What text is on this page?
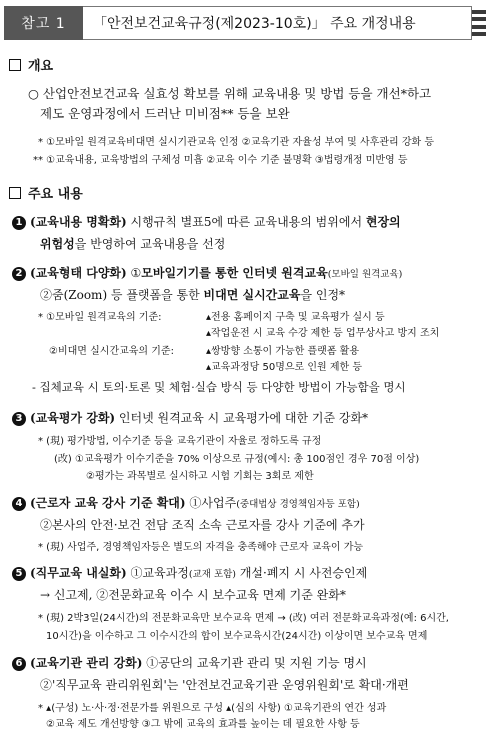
참고 1	「안전보건교육규정(제2023-10호)」 주요 개정내용
개요
○ 산업안전보건교육 실효성 확보를 위해 교육내용 및 방법 등을 개선*하고
제도 운영과정에서 드러난 미비점** 등을 보완
* ①모바일 원격교육비대면 실시기관교육 인정 ②교육기관 자율성 부여 및 사후관리 강화 등
** ①교육내용, 교육방법의 구체성 미흡 ②교육 이수 기준 불명확 ③법령개정 미반영 등
주요 내용
1 (교육내용 명확화) 시행규칙 별표5에 따른 교육내용의 범위에서 현장의
위험성을 반영하여 교육내용을 선정
2 (교육형태 다양화) ①모바일기기를 통한 인터넷 원격교육(모바일 원격교육)
②줌(Zoom) 등 플랫폼을 통한 비대면 실시간교육을 인정*
* ①모바일 원격교육의 기준:	▴전용 홈페이지 구축 및 교육평가 실시 등
▴작업운전 시 교육 수강 제한 등 업무상사고 방지 조치
②비대면 실시간교육의 기준:	▴쌍방향 소통이 가능한 플랫폼 활용
▴교육과정당 50명으로 인원 제한 등
- 집체교육 시 토의·토론 및 체험·실습 방식 등 다양한 방법이 가능함을 명시
3 (교육평가 강화) 인터넷 원격교육 시 교육평가에 대한 기준 강화*
* (現) 평가방법, 이수기준 등을 교육기관이 자율로 정하도록 규정
(改) ①교육평가 이수기준을 70% 이상으로 규정(예시: 총 100점인 경우 70점 이상)
②평가는 과목별로 실시하고 시험 기회는 3회로 제한
4 (근로자 교육 강사 기준 확대) ①사업주(중대법상 경영책임자등 포함)
②본사의 안전·보건 전담 조직 소속 근로자를 강사 기준에 추가
* (現) 사업주, 경영책임자등은 별도의 자격을 충족해야 근로자 교육이 가능
5 (직무교육 내실화) ①교육과정(교재 포함) 개설·폐지 시 사전승인제
→ 신고제, ②전문화교육 이수 시 보수교육 면제 기준 완화*
* (現) 2박3일(24시간)의 전문화교육만 보수교육 면제 → (改) 여러 전문화교육과정(예: 6시간,
10시간)을 이수하고 그 이수시간의 합이 보수교육시간(24시간) 이상이면 보수교육 면제
6 (교육기관 관리 강화) ①공단의 교육기관 관리 및 지원 기능 명시
②'직무교육 관리위원회'는 '안전보건교육기관 운영위원회'로 확대·개편
* ▴(구성) 노·사·정·전문가를 위원으로 구성 ▴(심의 사항) ①교육기관의 연간 성과
②교육 제도 개선방향 ③그 밖에 교육의 효과를 높이는 데 필요한 사항 등
